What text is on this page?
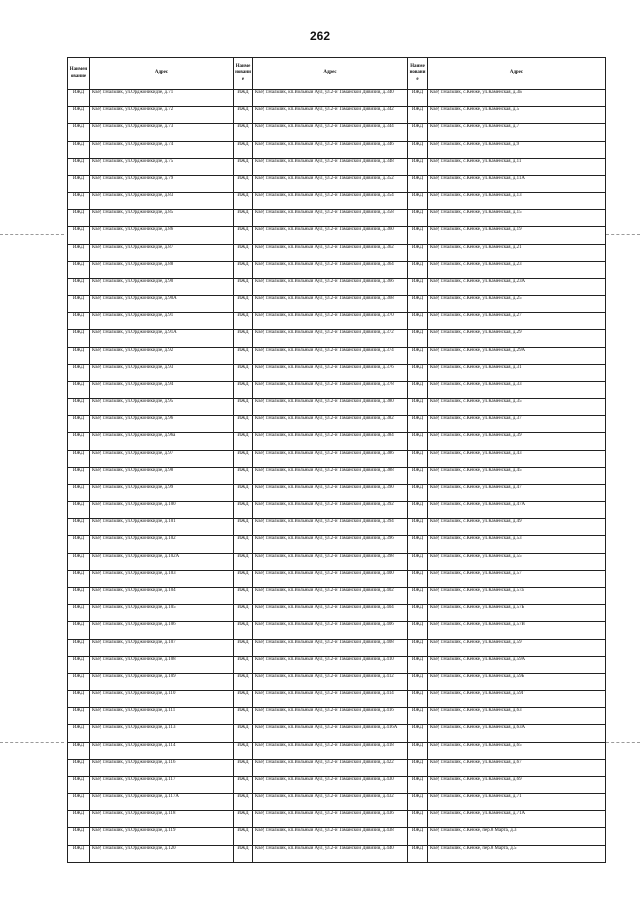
262
Наименование	Адрес	Наименование	Адрес	Наименование	Адрес
ИЖД	КБР, г.Нальчик, ул.Орджоникидзе, д.71	ИЖД	КБР, г.Нальчик, кп.Вольный Аул, ул.2-й Таманской Дивизии, д.340	ИЖД	КБР, г.Нальчик, с.Кенже, ул.Каменская, д.3Б
ИЖД	КБР, г.Нальчик, ул.Орджоникидзе, д.72	ИЖД	КБР, г.Нальчик, кп.Вольный Аул, ул.2-й Таманской Дивизии, д.342	ИЖД	КБР, г.Нальчик, с.Кенже, ул.Каменская, д.5
ИЖД	КБР, г.Нальчик, ул.Орджоникидзе, д.73	ИЖД	КБР, г.Нальчик, кп.Вольный Аул, ул.2-й Таманской Дивизии, д.344	ИЖД	КБР, г.Нальчик, с.Кенже, ул.Каменская, д.7
ИЖД	КБР, г.Нальчик, ул.Орджоникидзе, д.74	ИЖД	КБР, г.Нальчик, кп.Вольный Аул, ул.2-й Таманской Дивизии, д.346	ИЖД	КБР, г.Нальчик, с.Кенже, ул.Каменская, д.9
ИЖД	КБР, г.Нальчик, ул.Орджоникидзе, д.75	ИЖД	КБР, г.Нальчик, кп.Вольный Аул, ул.2-й Таманской Дивизии, д.348	ИЖД	КБР, г.Нальчик, с.Кенже, ул.Каменская, д.11
ИЖД	КБР, г.Нальчик, ул.Орджоникидзе, д.79	ИЖД	КБР, г.Нальчик, кп.Вольный Аул, ул.2-й Таманской Дивизии, д.352	ИЖД	КБР, г.Нальчик, с.Кенже, ул.Каменская, д.11А
ИЖД	КБР, г.Нальчик, ул.Орджоникидзе, д.83	ИЖД	КБР, г.Нальчик, кп.Вольный Аул, ул.2-й Таманской Дивизии, д.354	ИЖД	КБР, г.Нальчик, с.Кенже, ул.Каменская, д.13
ИЖД	КБР, г.Нальчик, ул.Орджоникидзе, д.85	ИЖД	КБР, г.Нальчик, кп.Вольный Аул, ул.2-й Таманской Дивизии, д.358	ИЖД	КБР, г.Нальчик, с.Кенже, ул.Каменская, д.15
ИЖД	КБР, г.Нальчик, ул.Орджоникидзе, д.86	ИЖД	КБР, г.Нальчик, кп.Вольный Аул, ул.2-й Таманской Дивизии, д.360	ИЖД	КБР, г.Нальчик, с.Кенже, ул.Каменская, д.19
ИЖД	КБР, г.Нальчик, ул.Орджоникидзе, д.87	ИЖД	КБР, г.Нальчик, кп.Вольный Аул, ул.2-й Таманской Дивизии, д.362	ИЖД	КБР, г.Нальчик, с.Кенже, ул.Каменская, д.21
ИЖД	КБР, г.Нальчик, ул.Орджоникидзе, д.88	ИЖД	КБР, г.Нальчик, кп.Вольный Аул, ул.2-й Таманской Дивизии, д.364	ИЖД	КБР, г.Нальчик, с.Кенже, ул.Каменская, д.23
ИЖД	КБР, г.Нальчик, ул.Орджоникидзе, д.90	ИЖД	КБР, г.Нальчик, кп.Вольный Аул, ул.2-й Таманской Дивизии, д.366	ИЖД	КБР, г.Нальчик, с.Кенже, ул.Каменская, д.23А
ИЖД	КБР, г.Нальчик, ул.Орджоникидзе, д.90А	ИЖД	КБР, г.Нальчик, кп.Вольный Аул, ул.2-й Таманской Дивизии, д.368	ИЖД	КБР, г.Нальчик, с.Кенже, ул.Каменская, д.25
ИЖД	КБР, г.Нальчик, ул.Орджоникидзе, д.91	ИЖД	КБР, г.Нальчик, кп.Вольный Аул, ул.2-й Таманской Дивизии, д.370	ИЖД	КБР, г.Нальчик, с.Кенже, ул.Каменская, д.27
ИЖД	КБР, г.Нальчик, ул.Орджоникидзе, д.91А	ИЖД	КБР, г.Нальчик, кп.Вольный Аул, ул.2-й Таманской Дивизии, д.372	ИЖД	КБР, г.Нальчик, с.Кенже, ул.Каменская, д.29
ИЖД	КБР, г.Нальчик, ул.Орджоникидзе, д.92	ИЖД	КБР, г.Нальчик, кп.Вольный Аул, ул.2-й Таманской Дивизии, д.374	ИЖД	КБР, г.Нальчик, с.Кенже, ул.Каменская, д.29А
ИЖД	КБР, г.Нальчик, ул.Орджоникидзе, д.93	ИЖД	КБР, г.Нальчик, кп.Вольный Аул, ул.2-й Таманской Дивизии, д.376	ИЖД	КБР, г.Нальчик, с.Кенже, ул.Каменская, д.31
ИЖД	КБР, г.Нальчик, ул.Орджоникидзе, д.94	ИЖД	КБР, г.Нальчик, кп.Вольный Аул, ул.2-й Таманской Дивизии, д.378	ИЖД	КБР, г.Нальчик, с.Кенже, ул.Каменская, д.33
ИЖД	КБР, г.Нальчик, ул.Орджоникидзе, д.95	ИЖД	КБР, г.Нальчик, кп.Вольный Аул, ул.2-й Таманской Дивизии, д.380	ИЖД	КБР, г.Нальчик, с.Кенже, ул.Каменская, д.35
ИЖД	КБР, г.Нальчик, ул.Орджоникидзе, д.96	ИЖД	КБР, г.Нальчик, кп.Вольный Аул, ул.2-й Таманской Дивизии, д.382	ИЖД	КБР, г.Нальчик, с.Кенже, ул.Каменская, д.37
ИЖД	КБР, г.Нальчик, ул.Орджоникидзе, д.96а	ИЖД	КБР, г.Нальчик, кп.Вольный Аул, ул.2-й Таманской Дивизии, д.384	ИЖД	КБР, г.Нальчик, с.Кенже, ул.Каменская, д.39
ИЖД	КБР, г.Нальчик, ул.Орджоникидзе, д.97	ИЖД	КБР, г.Нальчик, кп.Вольный Аул, ул.2-й Таманской Дивизии, д.386	ИЖД	КБР, г.Нальчик, с.Кенже, ул.Каменская, д.43
ИЖД	КБР, г.Нальчик, ул.Орджоникидзе, д.98	ИЖД	КБР, г.Нальчик, кп.Вольный Аул, ул.2-й Таманской Дивизии, д.388	ИЖД	КБР, г.Нальчик, с.Кенже, ул.Каменская, д.45
ИЖД	КБР, г.Нальчик, ул.Орджоникидзе, д.99	ИЖД	КБР, г.Нальчик, кп.Вольный Аул, ул.2-й Таманской Дивизии, д.390	ИЖД	КБР, г.Нальчик, с.Кенже, ул.Каменская, д.47
ИЖД	КБР, г.Нальчик, ул.Орджоникидзе, д.100	ИЖД	КБР, г.Нальчик, кп.Вольный Аул, ул.2-й Таманской Дивизии, д.392	ИЖД	КБР, г.Нальчик, с.Кенже, ул.Каменская, д.47А
ИЖД	КБР, г.Нальчик, ул.Орджоникидзе, д.101	ИЖД	КБР, г.Нальчик, кп.Вольный Аул, ул.2-й Таманской Дивизии, д.394	ИЖД	КБР, г.Нальчик, с.Кенже, ул.Каменская, д.49
ИЖД	КБР, г.Нальчик, ул.Орджоникидзе, д.102	ИЖД	КБР, г.Нальчик, кп.Вольный Аул, ул.2-й Таманской Дивизии, д.396	ИЖД	КБР, г.Нальчик, с.Кенже, ул.Каменская, д.53
ИЖД	КБР, г.Нальчик, ул.Орджоникидзе, д.102А	ИЖД	КБР, г.Нальчик, кп.Вольный Аул, ул.2-й Таманской Дивизии, д.398	ИЖД	КБР, г.Нальчик, с.Кенже, ул.Каменская, д.55
ИЖД	КБР, г.Нальчик, ул.Орджоникидзе, д.103	ИЖД	КБР, г.Нальчик, кп.Вольный Аул, ул.2-й Таманской Дивизии, д.400	ИЖД	КБР, г.Нальчик, с.Кенже, ул.Каменская, д.57
ИЖД	КБР, г.Нальчик, ул.Орджоникидзе, д.104	ИЖД	КБР, г.Нальчик, кп.Вольный Аул, ул.2-й Таманской Дивизии, д.402	ИЖД	КБР, г.Нальчик, с.Кенже, ул.Каменская, д.57а
ИЖД	КБР, г.Нальчик, ул.Орджоникидзе, д.105	ИЖД	КБР, г.Нальчик, кп.Вольный Аул, ул.2-й Таманской Дивизии, д.404	ИЖД	КБР, г.Нальчик, с.Кенже, ул.Каменская, д.57Б
ИЖД	КБР, г.Нальчик, ул.Орджоникидзе, д.106	ИЖД	КБР, г.Нальчик, кп.Вольный Аул, ул.2-й Таманской Дивизии, д.406	ИЖД	КБР, г.Нальчик, с.Кенже, ул.Каменская, д.57В
ИЖД	КБР, г.Нальчик, ул.Орджоникидзе, д.107	ИЖД	КБР, г.Нальчик, кп.Вольный Аул, ул.2-й Таманской Дивизии, д.408	ИЖД	КБР, г.Нальчик, с.Кенже, ул.Каменская, д.59
ИЖД	КБР, г.Нальчик, ул.Орджоникидзе, д.108	ИЖД	КБР, г.Нальчик, кп.Вольный Аул, ул.2-й Таманской Дивизии, д.410	ИЖД	КБР, г.Нальчик, с.Кенже, ул.Каменская, д.59А
ИЖД	КБР, г.Нальчик, ул.Орджоникидзе, д.109	ИЖД	КБР, г.Нальчик, кп.Вольный Аул, ул.2-й Таманской Дивизии, д.412	ИЖД	КБР, г.Нальчик, с.Кенже, ул.Каменская, д.59Б
ИЖД	КБР, г.Нальчик, ул.Орджоникидзе, д.110	ИЖД	КБР, г.Нальчик, кп.Вольный Аул, ул.2-й Таманской Дивизии, д.414	ИЖД	КБР, г.Нальчик, с.Кенже, ул.Каменская, д.59Г
ИЖД	КБР, г.Нальчик, ул.Орджоникидзе, д.111	ИЖД	КБР, г.Нальчик, кп.Вольный Аул, ул.2-й Таманской Дивизии, д.416	ИЖД	КБР, г.Нальчик, с.Кенже, ул.Каменская, д.63
ИЖД	КБР, г.Нальчик, ул.Орджоникидзе, д.113	ИЖД	КБР, г.Нальчик, кп.Вольный Аул, ул.2-й Таманской Дивизии, д.416А	ИЖД	КБР, г.Нальчик, с.Кенже, ул.Каменская, д.63А
ИЖД	КБР, г.Нальчик, ул.Орджоникидзе, д.114	ИЖД	КБР, г.Нальчик, кп.Вольный Аул, ул.2-й Таманской Дивизии, д.418	ИЖД	КБР, г.Нальчик, с.Кенже, ул.Каменская, д.65
ИЖД	КБР, г.Нальчик, ул.Орджоникидзе, д.116	ИЖД	КБР, г.Нальчик, кп.Вольный Аул, ул.2-й Таманской Дивизии, д.422	ИЖД	КБР, г.Нальчик, с.Кенже, ул.Каменская, д.67
ИЖД	КБР, г.Нальчик, ул.Орджоникидзе, д.117	ИЖД	КБР, г.Нальчик, кп.Вольный Аул, ул.2-й Таманской Дивизии, д.430	ИЖД	КБР, г.Нальчик, с.Кенже, ул.Каменская, д.69
ИЖД	КБР, г.Нальчик, ул.Орджоникидзе, д.117А	ИЖД	КБР, г.Нальчик, кп.Вольный Аул, ул.2-й Таманской Дивизии, д.432	ИЖД	КБР, г.Нальчик, с.Кенже, ул.Каменская, д.71
ИЖД	КБР, г.Нальчик, ул.Орджоникидзе, д.118	ИЖД	КБР, г.Нальчик, кп.Вольный Аул, ул.2-й Таманской Дивизии, д.436	ИЖД	КБР, г.Нальчик, с.Кенже, ул.Каменская, д.71А
ИЖД	КБР, г.Нальчик, ул.Орджоникидзе, д.119	ИЖД	КБР, г.Нальчик, кп.Вольный Аул, ул.2-й Таманской Дивизии, д.438	ИЖД	КБР, г.Нальчик, с.Кенже, пер.8 Марта, д.3
ИЖД	КБР, г.Нальчик, ул.Орджоникидзе, д.120	ИЖД	КБР, г.Нальчик, кп.Вольный Аул, ул.2-й Таманской Дивизии, д.440	ИЖД	КБР, г.Нальчик, с.Кенже, пер.8 Марта, д.5
